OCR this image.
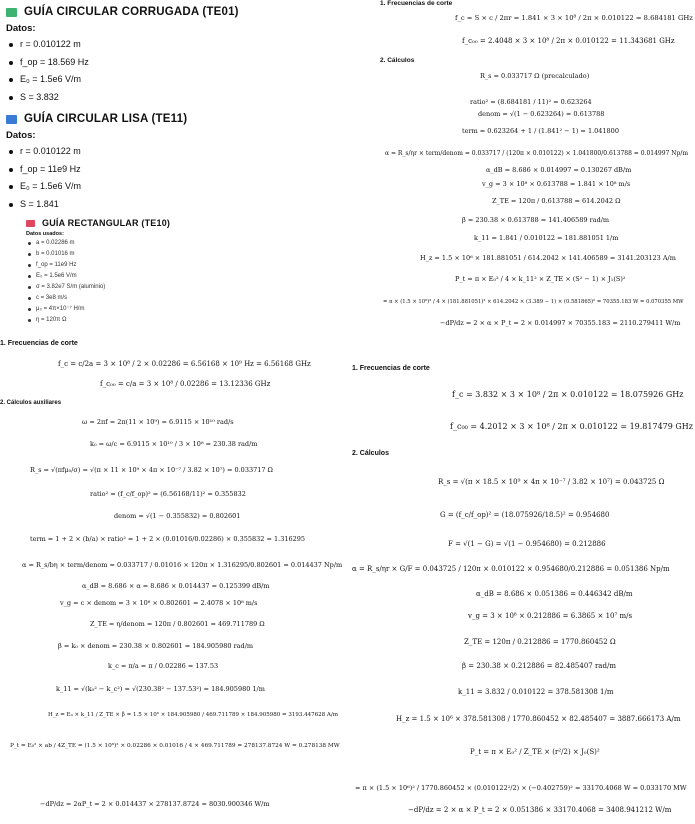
GUÍA CIRCULAR CORRUGADA (TE01)
Datos:
r = 0.010122 m
f_op = 18.569 Hz
E₀ = 1.5e6 V/m
S = 3.832
GUÍA CIRCULAR LISA (TE11)
Datos:
r = 0.010122 m
f_op = 11e9 Hz
E₀ = 1.5e6 V/m
S = 1.841
GUÍA RECTANGULAR (TE10)
Datos usados:
a = 0.02286 m
b = 0.01016 m
f_op = 11e9 Hz
E₀ = 1.5e6 V/m
σ = 3.82e7 S/m (aluminio)
c = 3e8 m/s
μ₀ = 4π×10⁻⁷ H/m
η = 120π Ω
1. Frecuencias de corte
f_c = S × c / 2πr = 1.841 × 3 × 10⁸ / 2π × 0.010122 = 8.684181 GHz
f_c₀₀ = 2.4048 × 3 × 10⁸ / 2π × 0.010122 = 11.343681 GHz
2. Cálculos
R_s = 0.033717 Ω (precalculado)
ratio² = (8.684181 / 11)² = 0.623264
denom = √(1 − 0.623264) = 0.613788
term = 0.623264 + 1 / (1.841² − 1) = 1.041800
α = R_s/ηr × term/denom = 0.033717 / (120π × 0.010122) × 1.041800/0.613788 = 0.014997 Np/m
α_dB = 8.686 × 0.014997 = 0.130267 dB/m
v_g = 3 × 10⁸ × 0.613788 = 1.841 × 10⁸ m/s
Z_TE = 120π / 0.613788 = 614.2042 Ω
β = 230.38 × 0.613788 = 141.406589 rad/m
k_11 = 1.841 / 0.010122 = 181.881051 1/m
H_z = 1.5 × 10⁶ × 181.881051 / 614.2042 × 141.406589 = 3141.203123 A/m
P_t = π × E₀² / 4 × k_11² × Z_TE × (S² − 1) × J₁(S)²
= π × (1.5 × 10⁶)² / 4 × (181.881051)² × 614.2042 × (3.389 − 1) × (0.581865)² = 70355.183 W = 0.070355 MW
−dP/dz = 2 × α × P_t = 2 × 0.014997 × 70355.183 = 2110.279411 W/m
1. Frecuencias de corte
f_c = c/2a = 3 × 10⁸ / 2 × 0.02286 = 6.56168 × 10⁹ Hz = 6.56168 GHz
f_c₀₀ = c/a = 3 × 10⁸ / 0.02286 = 13.12336 GHz
2. Cálculos auxiliares
ω = 2πf = 2π(11 × 10⁹) = 6.9115 × 10¹⁰ rad/s
k₀ = ω/c = 6.9115 × 10¹⁰ / 3 × 10⁸ = 230.38 rad/m
R_s = √(πfμ₀/σ) = √(π × 11 × 10⁹ × 4π × 10⁻⁷ / 3.82 × 10⁷) = 0.033717 Ω
ratio² = (f_c/f_op)² = (6.56168/11)² = 0.355832
denom = √(1 − 0.355832) = 0.802601
term = 1 + 2 × (b/a) × ratio² = 1 + 2 × (0.01016/0.02286) × 0.355832 = 1.316295
α = R_s/bη × term/denom = 0.033717 / 0.01016 × 120π × 1.316295/0.802601 = 0.014437 Np/m
α_dB = 8.686 × α = 8.686 × 0.014437 = 0.125399 dB/m
v_g = c × denom = 3 × 10⁸ × 0.802601 = 2.4078 × 10⁸ m/s
Z_TE = η/denom = 120π / 0.802601 = 469.711789 Ω
β = k₀ × denom = 230.38 × 0.802601 = 184.905980 rad/m
k_c = π/a = π / 0.02286 = 137.53
k_11 = √(k₀² − k_c²) = √(230.38² − 137.53²) = 184.905980 1/m
H_z = E₀ × k_11 / Z_TE × β = 1.5 × 10⁶ × 184.905980 / 469.711789 × 184.905980 = 3193.447628 A/m
P_t = E₀² × ab / 4Z_TE = (1.5 × 10⁶)² × 0.02286 × 0.01016 / 4 × 469.711789 = 278137.8724 W = 0.278138 MW
−dP/dz = 2αP_t = 2 × 0.014437 × 278137.8724 = 8030.900346 W/m
1. Frecuencias de corte
f_c = 3.832 × 3 × 10⁸ / 2π × 0.010122 = 18.075926 GHz
f_c₀₀ = 4.2012 × 3 × 10⁸ / 2π × 0.010122 = 19.817479 GHz
2. Cálculos
R_s = √(π × 18.5 × 10⁹ × 4π × 10⁻⁷ / 3.82 × 10⁷) = 0.043725 Ω
G = (f_c/f_op)² = (18.075926/18.5)² = 0.954680
F = √(1 − G) = √(1 − 0.954680) = 0.212886
α = R_s/ηr × G/F = 0.043725 / 120π × 0.010122 × 0.954680/0.212886 = 0.051386 Np/m
α_dB = 8.686 × 0.051386 = 0.446342 dB/m
v_g = 3 × 10⁸ × 0.212886 = 6.3865 × 10⁷ m/s
Z_TE = 120π / 0.212886 = 1770.860452 Ω
β = 230.38 × 0.212886 = 82.485407 rad/m
k_11 = 3.832 / 0.010122 = 378.581308 1/m
H_z = 1.5 × 10⁶ × 378.581308 / 1770.860452 × 82.485407 = 3887.666173 A/m
P_t = π × E₀² / Z_TE × (r²/2) × J₀(S)²
= π × (1.5 × 10⁶)² / 1770.860452 × (0.010122²/2) × (−0.402759)² = 33170.4068 W = 0.033170 MW
−dP/dz = 2 × α × P_t = 2 × 0.051386 × 33170.4068 = 3408.941212 W/m
